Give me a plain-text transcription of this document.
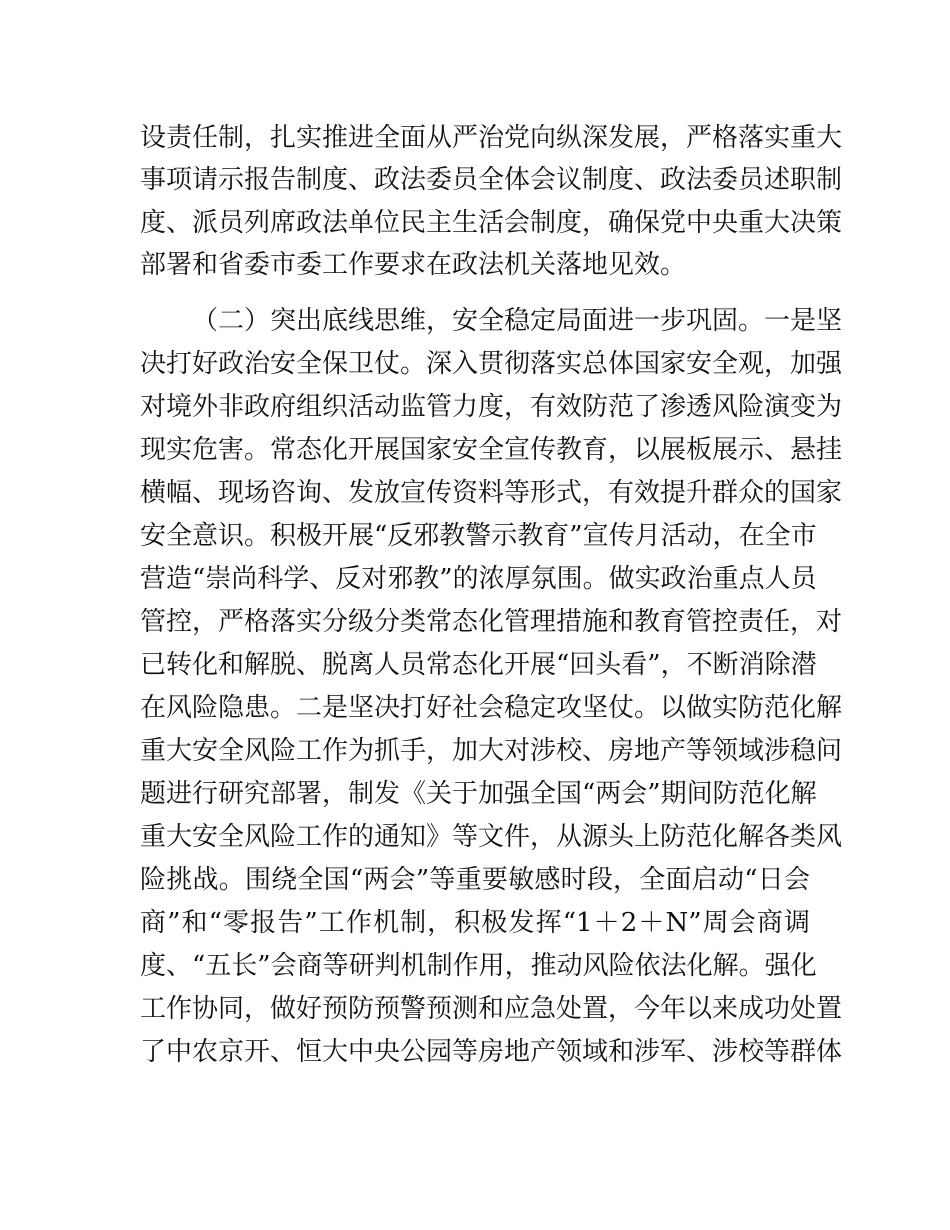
设责任制，扎实推进全面从严治党向纵深发展，严格落实重大
事项请示报告制度、政法委员全体会议制度、政法委员述职制
度、派员列席政法单位民主生活会制度，确保党中央重大决策
部署和省委市委工作要求在政法机关落地见效。
（二）突出底线思维，安全稳定局面进一步巩固。一是坚
决打好政治安全保卫仗。深入贯彻落实总体国家安全观，加强
对境外非政府组织活动监管力度，有效防范了渗透风险演变为
现实危害。常态化开展国家安全宣传教育，以展板展示、悬挂
横幅、现场咨询、发放宣传资料等形式，有效提升群众的国家
安全意识。积极开展“反邪教警示教育”宣传月活动，在全市
营造“崇尚科学、反对邪教”的浓厚氛围。做实政治重点人员
管控，严格落实分级分类常态化管理措施和教育管控责任，对
已转化和解脱、脱离人员常态化开展“回头看”，不断消除潜
在风险隐患。二是坚决打好社会稳定攻坚仗。以做实防范化解
重大安全风险工作为抓手，加大对涉校、房地产等领域涉稳问
题进行研究部署，制发《关于加强全国“两会”期间防范化解
重大安全风险工作的通知》等文件，从源头上防范化解各类风
险挑战。围绕全国“两会”等重要敏感时段，全面启动“日会
商”和“零报告”工作机制，积极发挥“1＋2＋N”周会商调
度、“五长”会商等研判机制作用，推动风险依法化解。强化
工作协同，做好预防预警预测和应急处置，今年以来成功处置
了中农京开、恒大中央公园等房地产领域和涉军、涉校等群体
